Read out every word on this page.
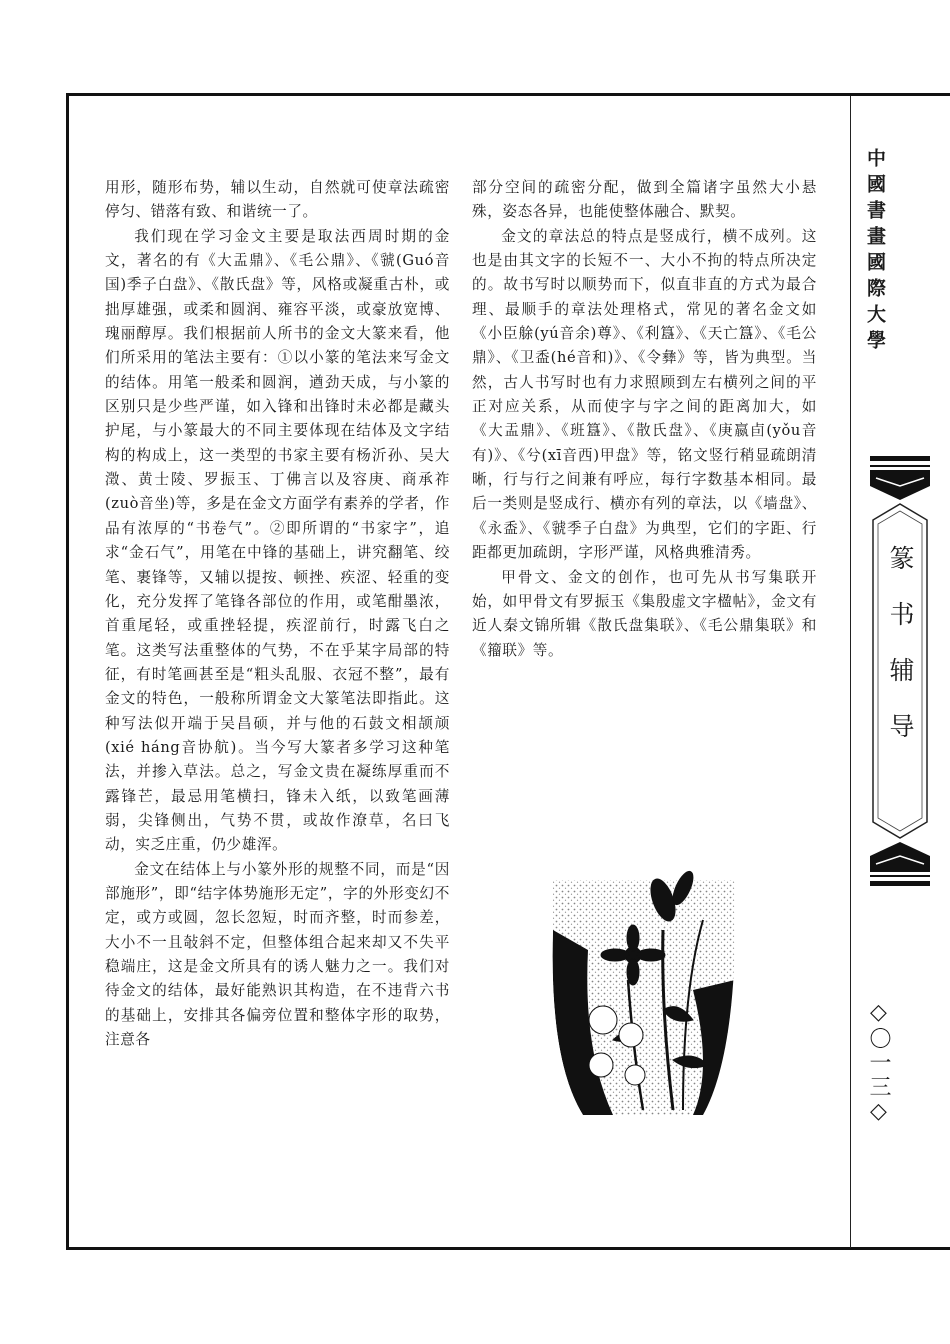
用形，随形布势，辅以生动，自然就可使章法疏密停匀、错落有致、和谐统一了。

我们现在学习金文主要是取法西周时期的金文，著名的有《大盂鼎》、《毛公鼎》、《虢(Guó音国)季子白盘》、《散氏盘》等，风格或凝重古朴，或拙厚雄强，或柔和圆润、雍容平淡，或豪放宽博、瑰丽醇厚。我们根据前人所书的金文大篆来看，他们所采用的笔法主要有：①以小篆的笔法来写金文的结体。用笔一般柔和圆润，遒劲天成，与小篆的区别只是少些严谨，如入锋和出锋时未必都是藏头护尾，与小篆最大的不同主要体现在结体及文字结构的构成上，这一类型的书家主要有杨沂孙、吴大澂、黄士陵、罗振玉、丁佛言以及容庚、商承祚(zuò音坐)等，多是在金文方面学有素养的学者，作品有浓厚的“书卷气”。②即所谓的“书家字”，追求“金石气”，用笔在中锋的基础上，讲究翻笔、绞笔、裹锋等，又辅以提按、顿挫、疾涩、轻重的变化，充分发挥了笔锋各部位的作用，或笔酣墨浓，首重尾轻，或重挫轻提，疾涩前行，时露飞白之笔。这类写法重整体的气势，不在乎某字局部的特征，有时笔画甚至是“粗头乱服、衣冠不整”，最有金文的特色，一般称所谓金文大篆笔法即指此。这种写法似开端于吴昌硕，并与他的石鼓文相颉颃(xié háng音协航)。当今写大篆者多学习这种笔法，并掺入草法。总之，写金文贵在凝练厚重而不露锋芒，最忌用笔横扫，锋未入纸，以致笔画薄弱，尖锋侧出，气势不贯，或故作潦草，名曰飞动，实乏庄重，仍少雄浑。

金文在结体上与小篆外形的规整不同，而是“因部施形”，即“结字体势施形无定”，字的外形变幻不定，或方或圆，忽长忽短，时而齐整，时而参差，大小不一且敧斜不定，但整体组合起来却又不失平稳端庄，这是金文所具有的诱人魅力之一。我们对待金文的结体，最好能熟识其构造，在不违背六书的基础上，安排其各偏旁位置和整体字形的取势，注意各

部分空间的疏密分配，做到全篇诸字虽然大小悬殊，姿态各异，也能使整体融合、默契。

金文的章法总的特点是竖成行，横不成列。这也是由其文字的长短不一、大小不拘的特点所决定的。故书写时以顺势而下，似直非直的方式为最合理、最顺手的章法处理格式，常见的著名金文如《小臣艅(yú音余)尊》、《利簋》、《天亡簋》、《毛公鼎》、《卫盉(hé音和)》、《令彝》等，皆为典型。当然，古人书写时也有力求照顾到左右横列之间的平正对应关系，从而使字与字之间的距离加大，如《大盂鼎》、《班簋》、《散氏盘》、《庚嬴卣(yǒu音有)》、《兮(xī音西)甲盘》等，铭文竖行稍显疏朗清晰，行与行之间兼有呼应，每行字数基本相同。最后一类则是竖成行、横亦有列的章法，以《墙盘》、《永盉》、《虢季子白盘》为典型，它们的字距、行距都更加疏朗，字形严谨，风格典雅清秀。

甲骨文、金文的创作，也可先从书写集联开始，如甲骨文有罗振玉《集殷虚文字楹帖》，金文有近人秦文锦所辑《散氏盘集联》、《毛公鼎集联》和《籀联》等。

中國書畫國際大學
篆书辅导
◇〇一三◇
